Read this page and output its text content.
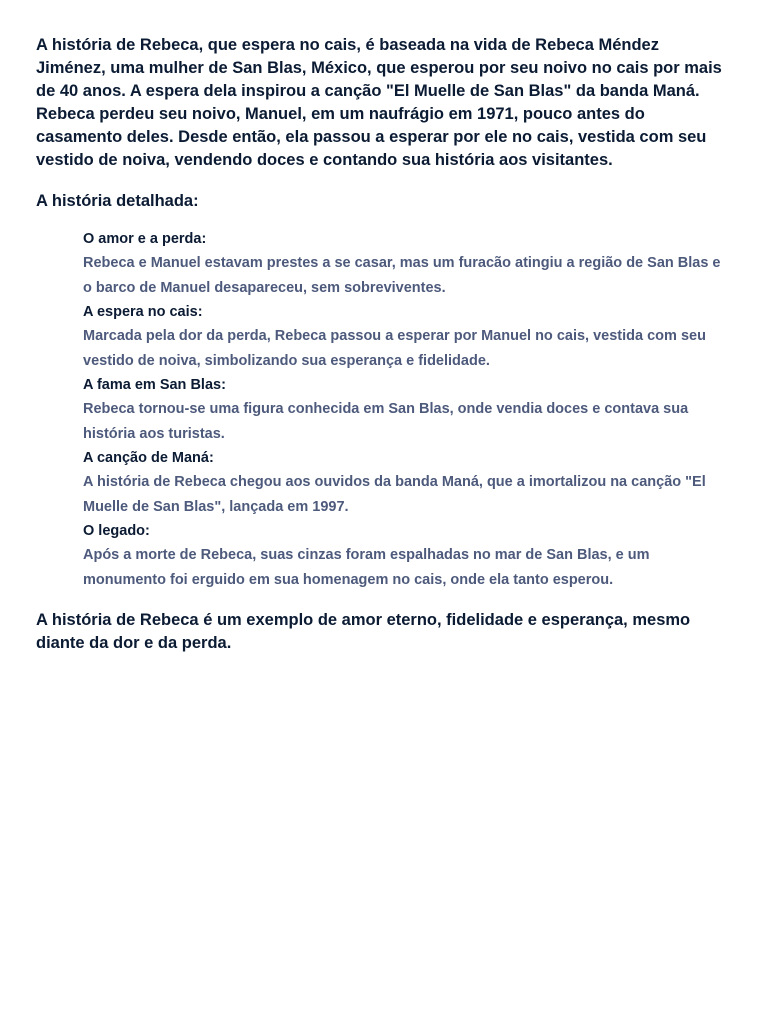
A história de Rebeca, que espera no cais, é baseada na vida de Rebeca Méndez Jiménez, uma mulher de San Blas, México, que esperou por seu noivo no cais por mais de 40 anos. A espera dela inspirou a canção "El Muelle de San Blas" da banda Maná. Rebeca perdeu seu noivo, Manuel, em um naufrágio em 1971, pouco antes do casamento deles. Desde então, ela passou a esperar por ele no cais, vestida com seu vestido de noiva, vendendo doces e contando sua história aos visitantes.

A história detalhada:
O amor e a perda:
Rebeca e Manuel estavam prestes a se casar, mas um furacão atingiu a região de San Blas e o barco de Manuel desapareceu, sem sobreviventes.
A espera no cais:
Marcada pela dor da perda, Rebeca passou a esperar por Manuel no cais, vestida com seu vestido de noiva, simbolizando sua esperança e fidelidade.
A fama em San Blas:
Rebeca tornou-se uma figura conhecida em San Blas, onde vendia doces e contava sua história aos turistas.
A canção de Maná:
A história de Rebeca chegou aos ouvidos da banda Maná, que a imortalizou na canção "El Muelle de San Blas", lançada em 1997.
O legado:
Após a morte de Rebeca, suas cinzas foram espalhadas no mar de San Blas, e um monumento foi erguido em sua homenagem no cais, onde ela tanto esperou.

A história de Rebeca é um exemplo de amor eterno, fidelidade e esperança, mesmo diante da dor e da perda.
